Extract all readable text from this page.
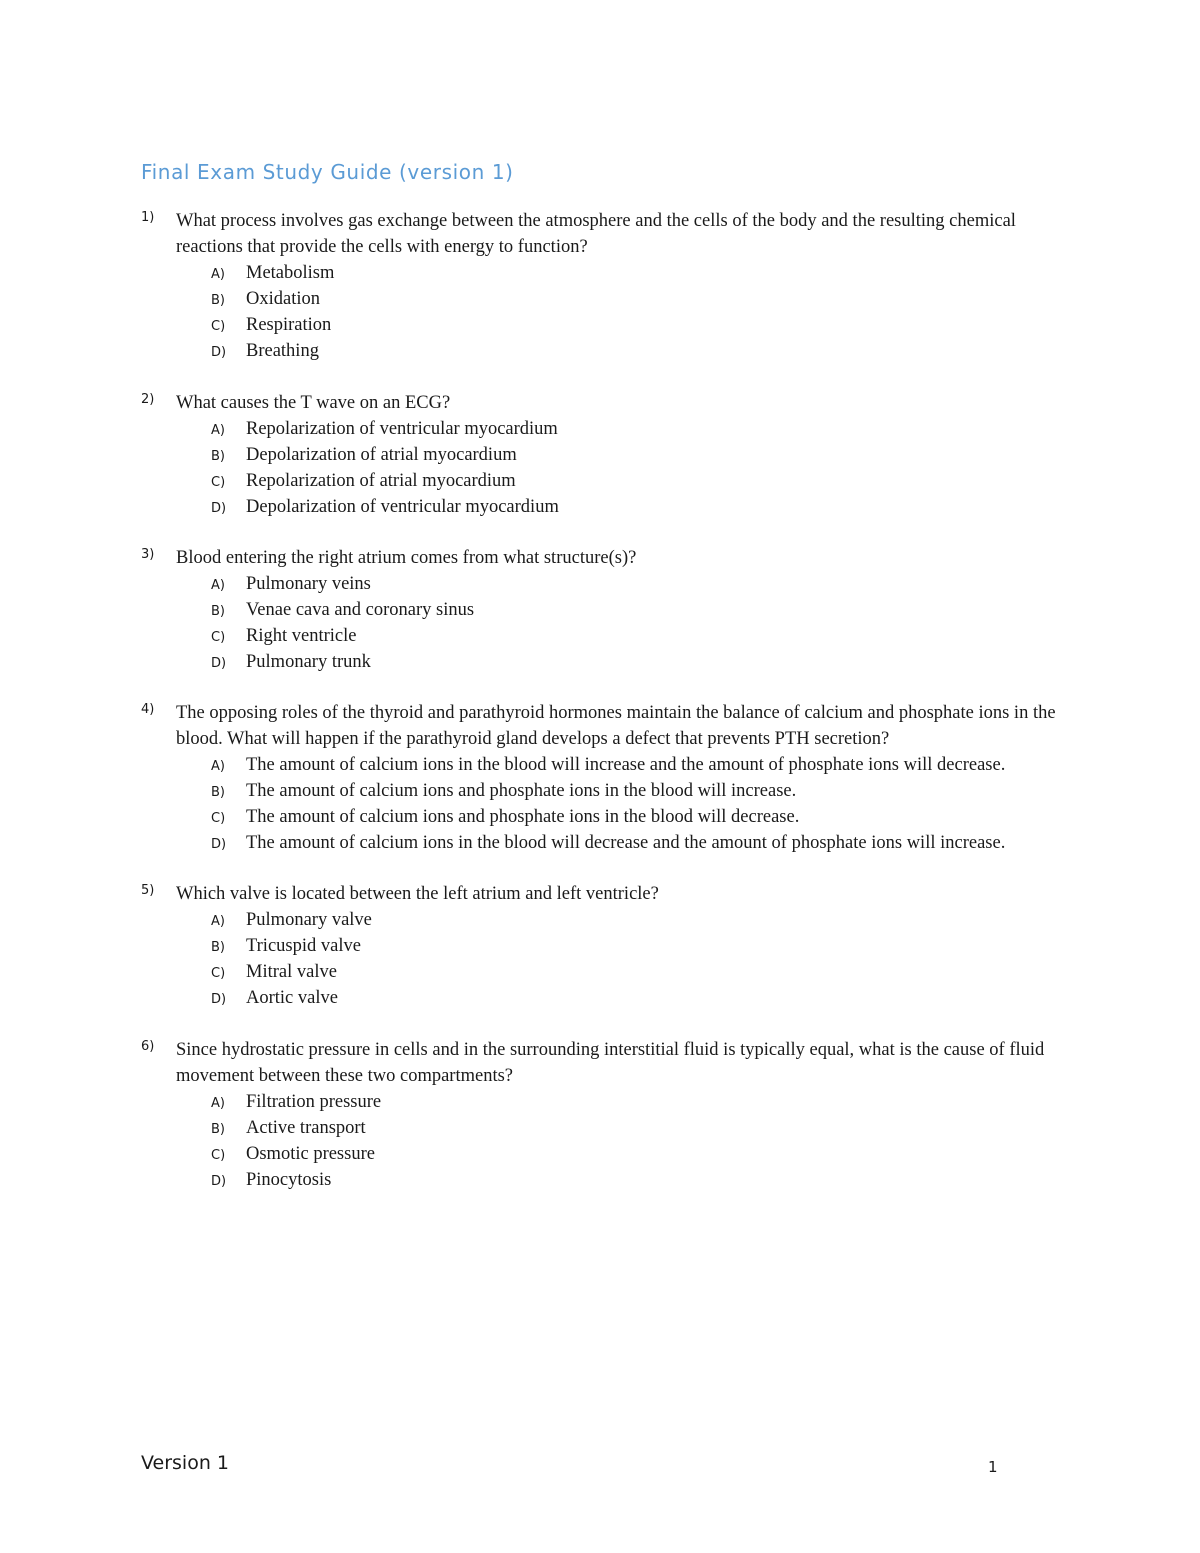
Final Exam Study Guide (version 1)
1) What process involves gas exchange between the atmosphere and the cells of the body and the resulting chemical reactions that provide the cells with energy to function?
A) Metabolism
B) Oxidation
C) Respiration
D) Breathing
2) What causes the T wave on an ECG?
A) Repolarization of ventricular myocardium
B) Depolarization of atrial myocardium
C) Repolarization of atrial myocardium
D) Depolarization of ventricular myocardium
3) Blood entering the right atrium comes from what structure(s)?
A) Pulmonary veins
B) Venae cava and coronary sinus
C) Right ventricle
D) Pulmonary trunk
4) The opposing roles of the thyroid and parathyroid hormones maintain the balance of calcium and phosphate ions in the blood. What will happen if the parathyroid gland develops a defect that prevents PTH secretion?
A) The amount of calcium ions in the blood will increase and the amount of phosphate ions will decrease.
B) The amount of calcium ions and phosphate ions in the blood will increase.
C) The amount of calcium ions and phosphate ions in the blood will decrease.
D) The amount of calcium ions in the blood will decrease and the amount of phosphate ions will increase.
5) Which valve is located between the left atrium and left ventricle?
A) Pulmonary valve
B) Tricuspid valve
C) Mitral valve
D) Aortic valve
6) Since hydrostatic pressure in cells and in the surrounding interstitial fluid is typically equal, what is the cause of fluid movement between these two compartments?
A) Filtration pressure
B) Active transport
C) Osmotic pressure
D) Pinocytosis
Version 1	1
